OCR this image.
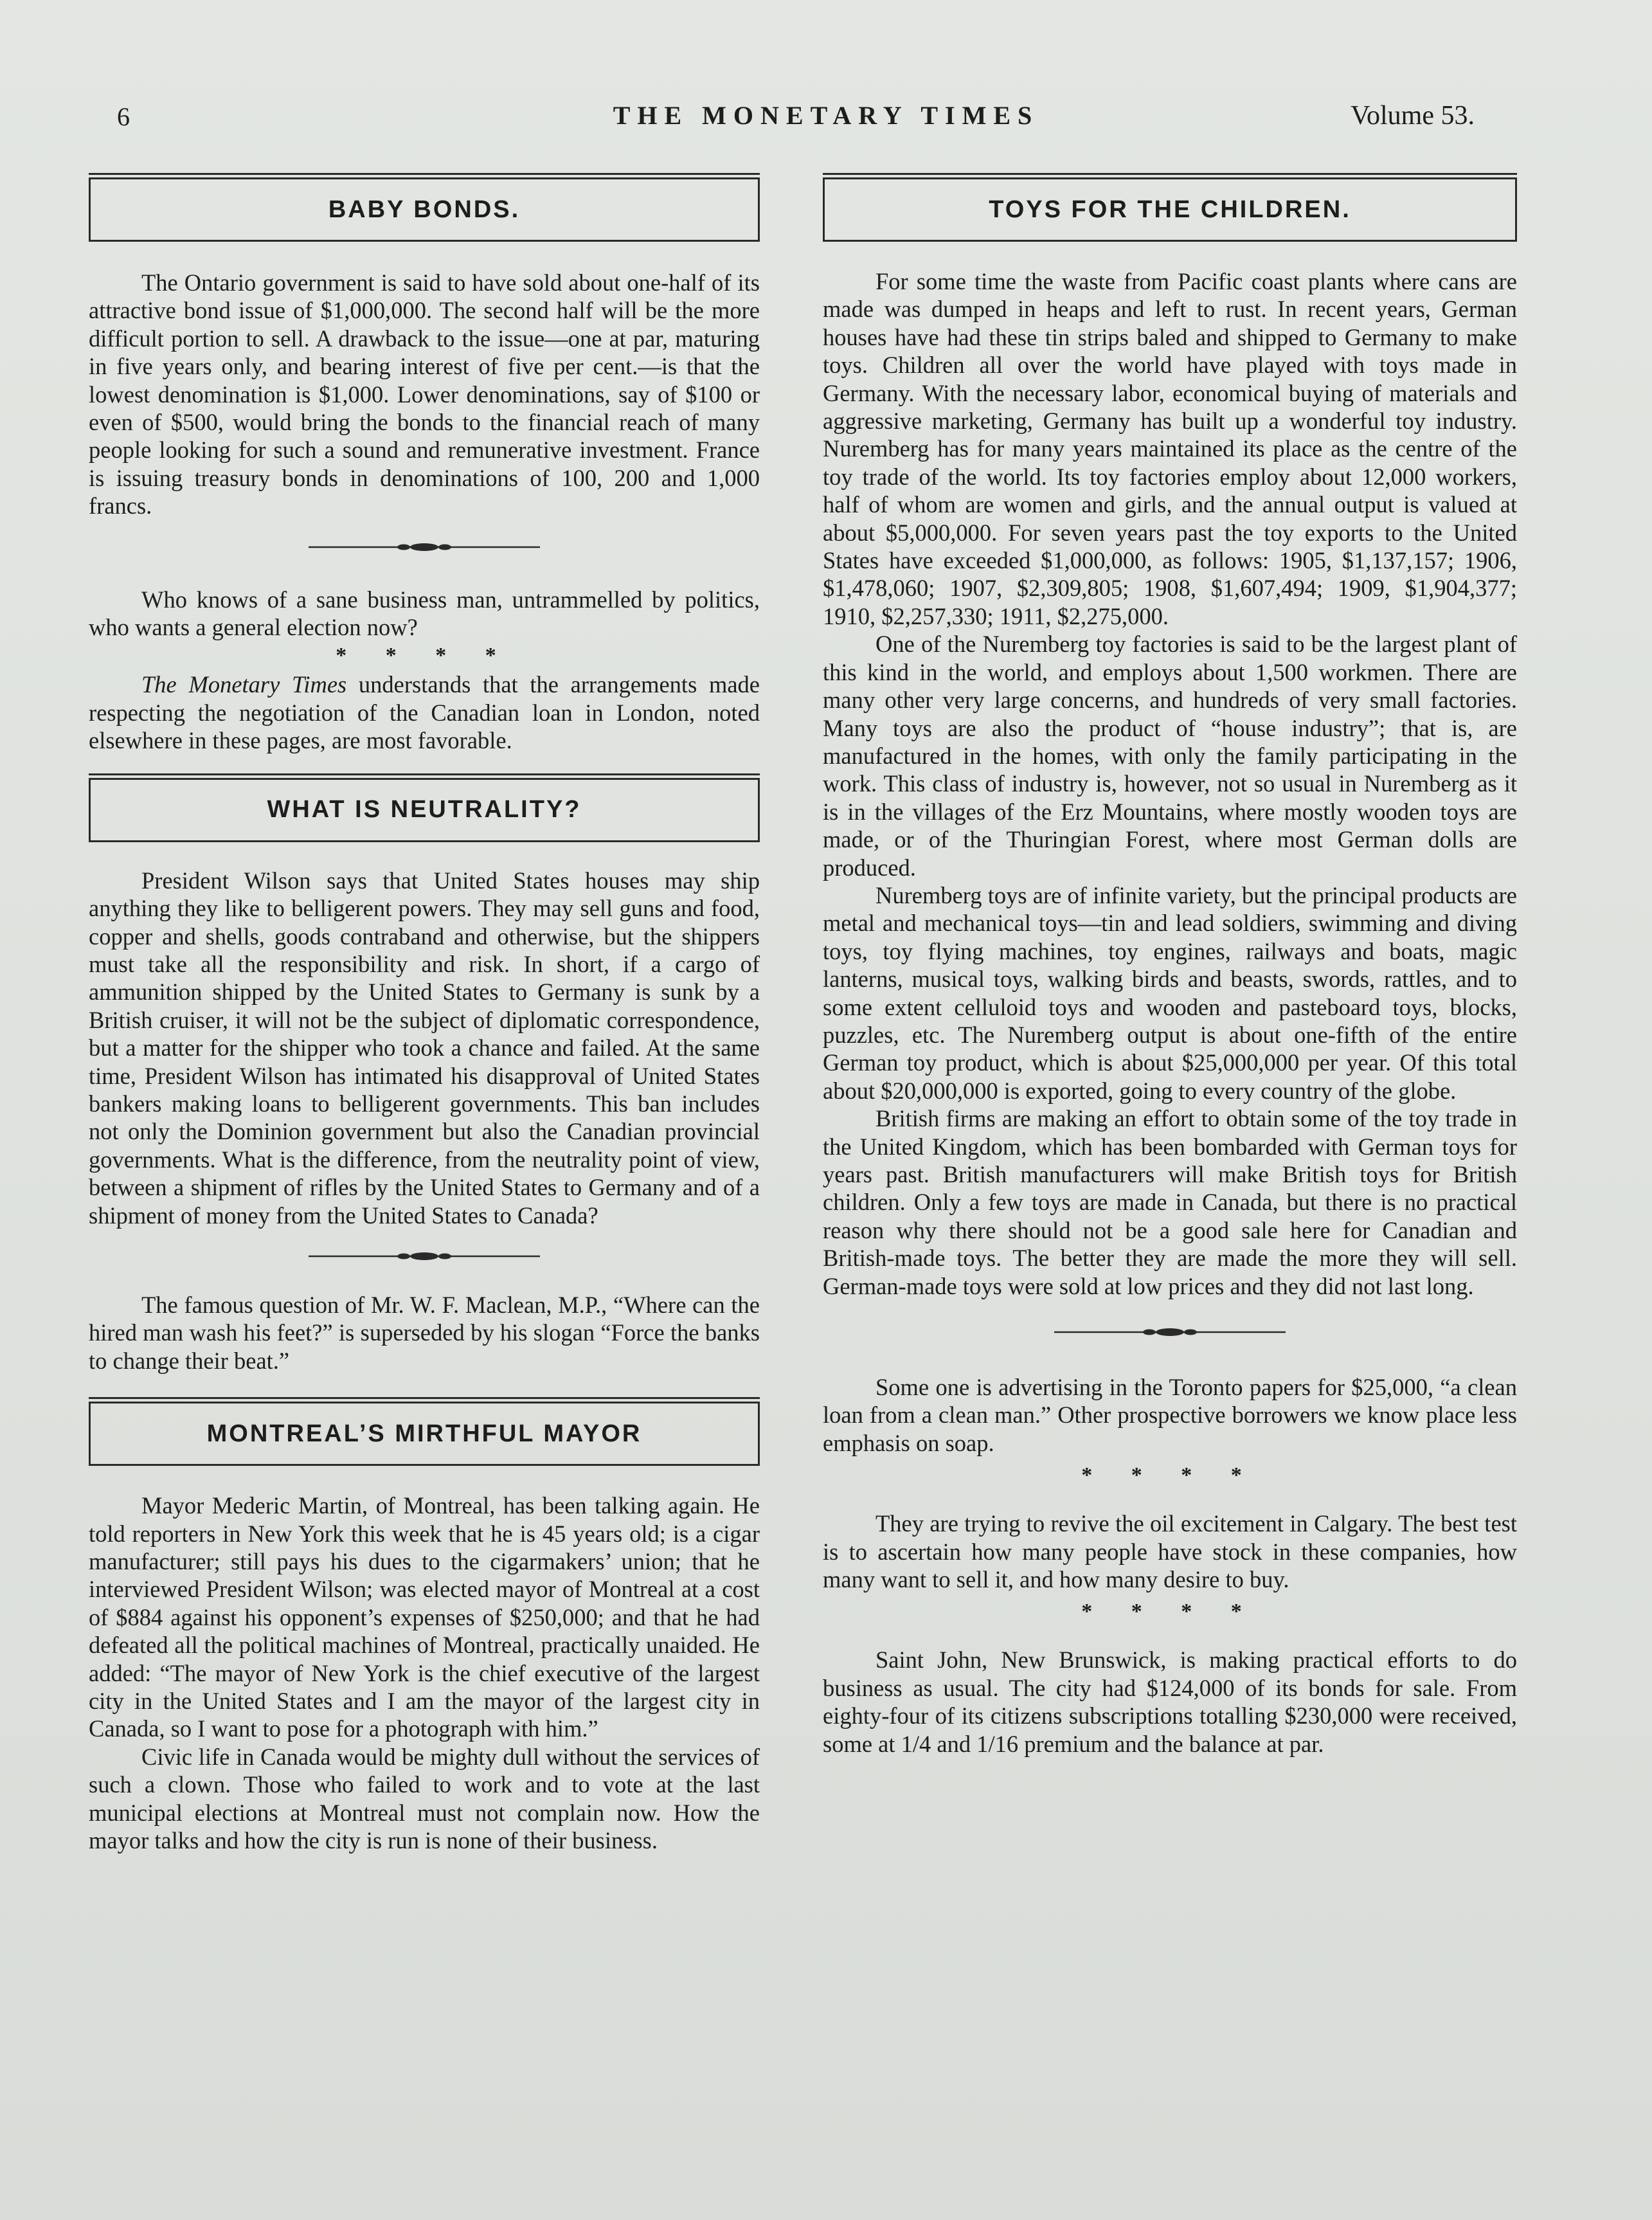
6	THE MONETARY TIMES	Volume 53.
BABY BONDS.

The Ontario government is said to have sold about one-half of its attractive bond issue of $1,000,000. The second half will be the more difficult portion to sell. A drawback to the issue—one at par, maturing in five years only, and bearing interest of five per cent.—is that the lowest denomination is $1,000. Lower denominations, say of $100 or even of $500, would bring the bonds to the financial reach of many people looking for such a sound and remunerative investment. France is issuing treasury bonds in denominations of 100, 200 and 1,000 francs.

Who knows of a sane business man, untrammelled by politics, who wants a general election now?

* * * *

The Monetary Times understands that the arrangements made respecting the negotiation of the Canadian loan in London, noted elsewhere in these pages, are most favorable.

WHAT IS NEUTRALITY?

President Wilson says that United States houses may ship anything they like to belligerent powers. They may sell guns and food, copper and shells, goods contraband and otherwise, but the shippers must take all the responsibility and risk. In short, if a cargo of ammunition shipped by the United States to Germany is sunk by a British cruiser, it will not be the subject of diplomatic correspondence, but a matter for the shipper who took a chance and failed. At the same time, President Wilson has intimated his disapproval of United States bankers making loans to belligerent governments. This ban includes not only the Dominion government but also the Canadian provincial governments. What is the difference, from the neutrality point of view, between a shipment of rifles by the United States to Germany and of a shipment of money from the United States to Canada?

The famous question of Mr. W. F. Maclean, M.P., “Where can the hired man wash his feet?” is superseded by his slogan “Force the banks to change their beat.”

MONTREAL’S MIRTHFUL MAYOR

Mayor Mederic Martin, of Montreal, has been talking again. He told reporters in New York this week that he is 45 years old; is a cigar manufacturer; still pays his dues to the cigarmakers’ union; that he interviewed President Wilson; was elected mayor of Montreal at a cost of $884 against his opponent’s expenses of $250,000; and that he had defeated all the political machines of Montreal, practically unaided. He added: “The mayor of New York is the chief executive of the largest city in the United States and I am the mayor of the largest city in Canada, so I want to pose for a photograph with him.”

Civic life in Canada would be mighty dull without the services of such a clown. Those who failed to work and to vote at the last municipal elections at Montreal must not complain now. How the mayor talks and how the city is run is none of their business.

TOYS FOR THE CHILDREN.

For some time the waste from Pacific coast plants where cans are made was dumped in heaps and left to rust. In recent years, German houses have had these tin strips baled and shipped to Germany to make toys. Children all over the world have played with toys made in Germany. With the necessary labor, economical buying of materials and aggressive marketing, Germany has built up a wonderful toy industry. Nuremberg has for many years maintained its place as the centre of the toy trade of the world. Its toy factories employ about 12,000 workers, half of whom are women and girls, and the annual output is valued at about $5,000,000. For seven years past the toy exports to the United States have exceeded $1,000,000, as follows: 1905, $1,137,157; 1906, $1,478,060; 1907, $2,309,805; 1908, $1,607,494; 1909, $1,904,377; 1910, $2,257,330; 1911, $2,275,000.

One of the Nuremberg toy factories is said to be the largest plant of this kind in the world, and employs about 1,500 workmen. There are many other very large concerns, and hundreds of very small factories. Many toys are also the product of “house industry”; that is, are manufactured in the homes, with only the family participating in the work. This class of industry is, however, not so usual in Nuremberg as it is in the villages of the Erz Mountains, where mostly wooden toys are made, or of the Thuringian Forest, where most German dolls are produced.

Nuremberg toys are of infinite variety, but the principal products are metal and mechanical toys—tin and lead soldiers, swimming and diving toys, toy flying machines, toy engines, railways and boats, magic lanterns, musical toys, walking birds and beasts, swords, rattles, and to some extent celluloid toys and wooden and pasteboard toys, blocks, puzzles, etc. The Nuremberg output is about one-fifth of the entire German toy product, which is about $25,000,000 per year. Of this total about $20,000,000 is exported, going to every country of the globe.

British firms are making an effort to obtain some of the toy trade in the United Kingdom, which has been bombarded with German toys for years past. British manufacturers will make British toys for British children. Only a few toys are made in Canada, but there is no practical reason why there should not be a good sale here for Canadian and British-made toys. The better they are made the more they will sell. German-made toys were sold at low prices and they did not last long.

Some one is advertising in the Toronto papers for $25,000, “a clean loan from a clean man.” Other prospective borrowers we know place less emphasis on soap.

* * * *

They are trying to revive the oil excitement in Calgary. The best test is to ascertain how many people have stock in these companies, how many want to sell it, and how many desire to buy.

* * * *

Saint John, New Brunswick, is making practical efforts to do business as usual. The city had $124,000 of its bonds for sale. From eighty-four of its citizens subscriptions totalling $230,000 were received, some at 1/4 and 1/16 premium and the balance at par.
